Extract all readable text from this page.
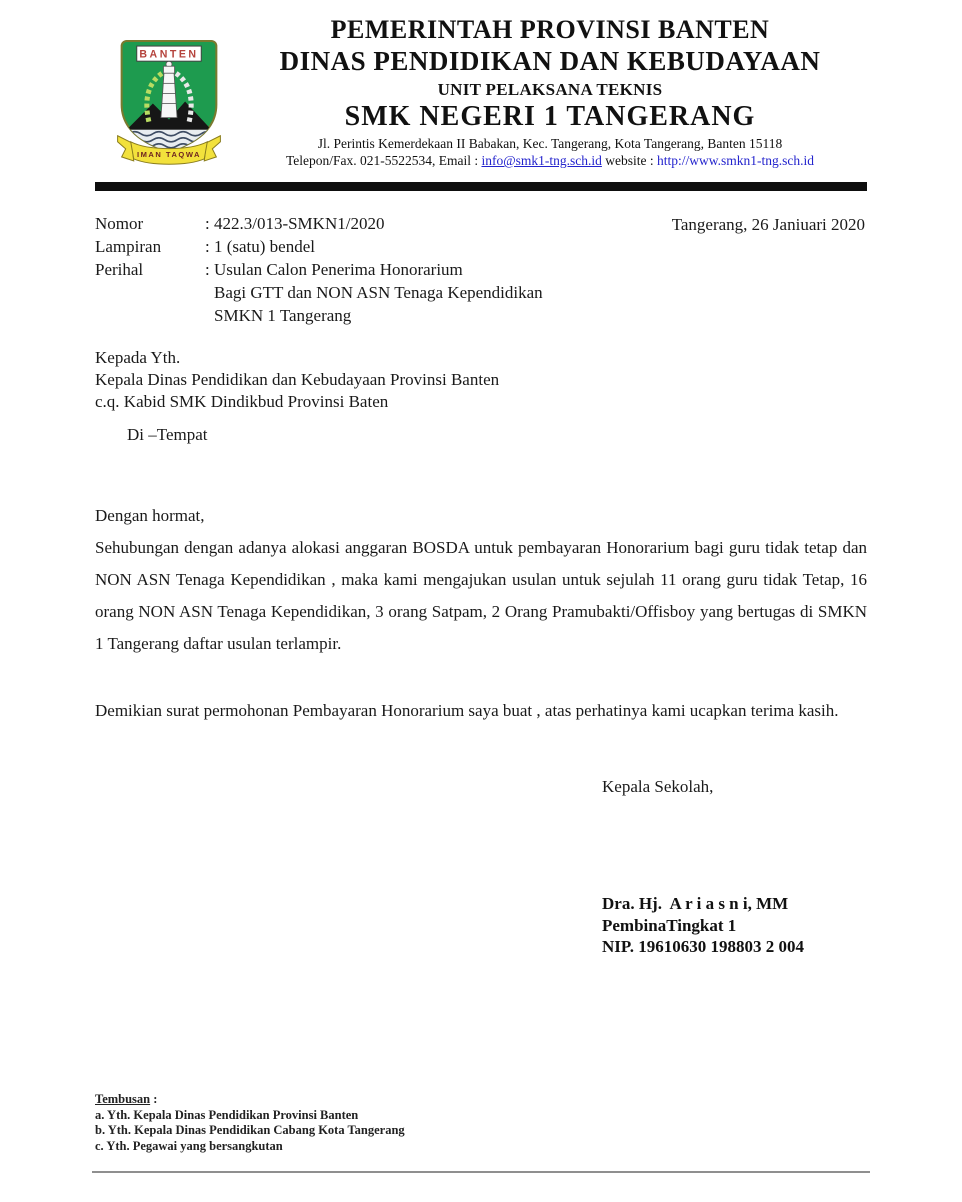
BANTEN
IMAN TAQWA
PEMERINTAH PROVINSI BANTEN
DINAS PENDIDIKAN DAN KEBUDAYAAN
UNIT PELAKSANA TEKNIS
SMK NEGERI 1 TANGERANG
Jl. Perintis Kemerdekaan II Babakan, Kec. Tangerang, Kota Tangerang, Banten 15118
Telepon/Fax. 021-5522534, Email : info@smk1-tng.sch.id website : http://www.smkn1-tng.sch.id
Tangerang, 26 Janiuari 2020
Nomor	: 422.3/013-SMKN1/2020
Lampiran	: 1 (satu) bendel
Perihal	: Usulan Calon Penerima Honorarium
Bagi GTT dan NON ASN Tenaga Kependidikan
SMKN 1 Tangerang
Kepada Yth.
Kepala Dinas Pendidikan dan Kebudayaan Provinsi Banten
c.q. Kabid SMK Dindikbud Provinsi Baten
Di –Tempat
Dengan hormat,
Sehubungan dengan adanya alokasi anggaran BOSDA untuk pembayaran Honorarium bagi guru tidak tetap dan NON ASN Tenaga Kependidikan , maka kami mengajukan usulan untuk sejulah 11 orang guru tidak Tetap, 16 orang NON ASN Tenaga Kependidikan, 3 orang Satpam, 2 Orang Pramubakti/Offisboy yang bertugas di SMKN 1 Tangerang daftar usulan terlampir.
Demikian surat permohonan Pembayaran Honorarium saya buat , atas perhatinya kami ucapkan terima kasih.
Kepala Sekolah,
Dra. Hj.  A r i a s n i, MM
PembinaTingkat 1
NIP. 19610630 198803 2 004
Tembusan :
a. Yth. Kepala Dinas Pendidikan Provinsi Banten
b. Yth. Kepala Dinas Pendidikan Cabang Kota Tangerang
c. Yth. Pegawai yang bersangkutan
